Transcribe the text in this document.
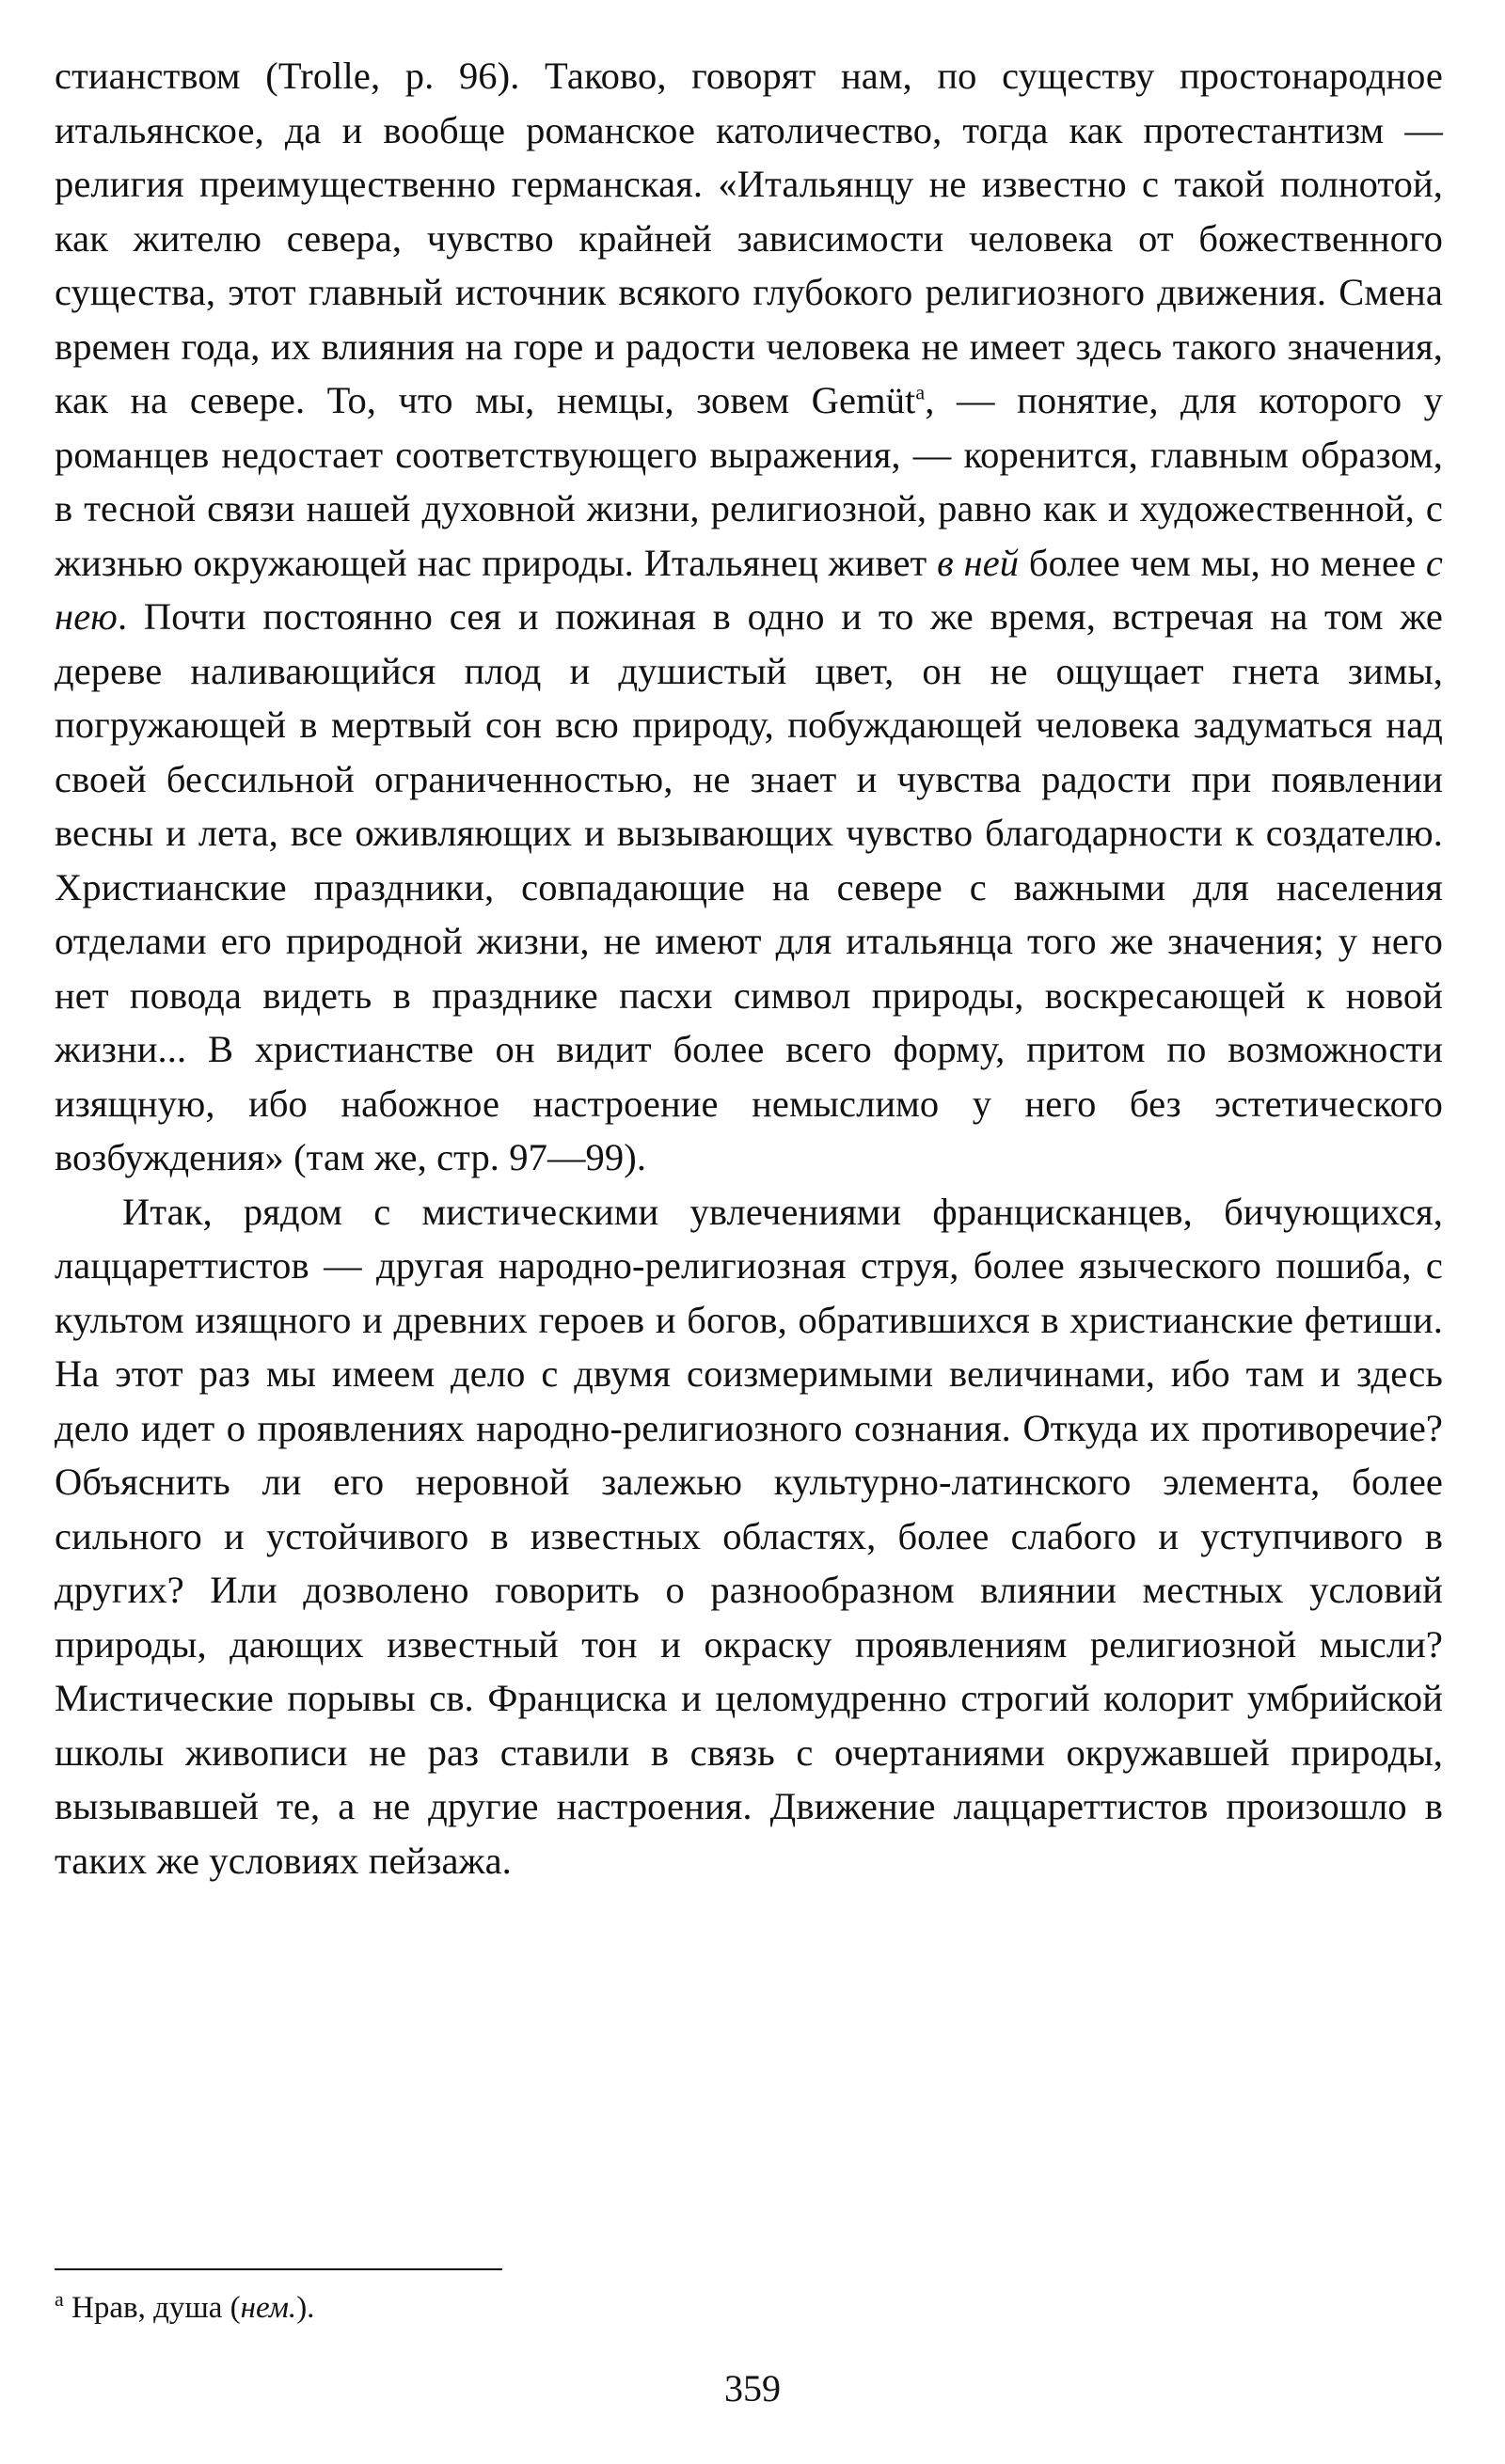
стианством (Trolle, p. 96). Таково, говорят нам, по существу простонародное итальянское, да и вообще романское католичество, тогда как протестантизм — религия преимущественно германская. «Итальянцу не известно с такой полнотой, как жителю севера, чувство крайней зависимости человека от божественного существа, этот главный источник всякого глубокого религиозного движения. Смена времен года, их влияния на горе и радости человека не имеет здесь такого значения, как на севере. То, что мы, немцы, зовем Gemüt$^а$, — понятие, для которого у романцев недостает соответствующего выражения, — коренится, главным образом, в тесной связи нашей духовной жизни, религиозной, равно как и художественной, с жизнью окружающей нас природы. Итальянец живет в ней более чем мы, но менее с нею. Почти постоянно сея и пожиная в одно и то же время, встречая на том же дереве наливающийся плод и душистый цвет, он не ощущает гнета зимы, погружающей в мертвый сон всю природу, побуждающей человека задуматься над своей бессильной ограниченностью, не знает и чувства радости при появлении весны и лета, все оживляющих и вызывающих чувство благодарности к создателю. Христианские праздники, совпадающие на севере с важными для населения отделами его природной жизни, не имеют для итальянца того же значения; у него нет повода видеть в празднике пасхи символ природы, воскресающей к новой жизни... В христианстве он видит более всего форму, притом по возможности изящную, ибо набожное настроение немыслимо у него без эстетического возбуждения» (там же, стр. 97—99).

Итак, рядом с мистическими увлечениями францисканцев, бичующихся, лаццареттистов — другая народно-религиозная струя, более языческого пошиба, с культом изящного и древних героев и богов, обратившихся в христианские фетиши. На этот раз мы имеем дело с двумя соизмеримыми величинами, ибо там и здесь дело идет о проявлениях народно-религиозного сознания. Откуда их противоречие? Объяснить ли его неровной залежью культурно-латинского элемента, более сильного и устойчивого в известных областях, более слабого и уступчивого в других? Или дозволено говорить о разнообразном влиянии местных условий природы, дающих известный тон и окраску проявлениям религиозной мысли? Мистические порывы св. Франциска и целомудренно строгий колорит умбрийской школы живописи не раз ставили в связь с очертаниями окружавшей природы, вызывавшей те, а не другие настроения. Движение лаццареттистов произошло в таких же условиях пейзажа.

$^а$ Нрав, душа (нем.).

359
